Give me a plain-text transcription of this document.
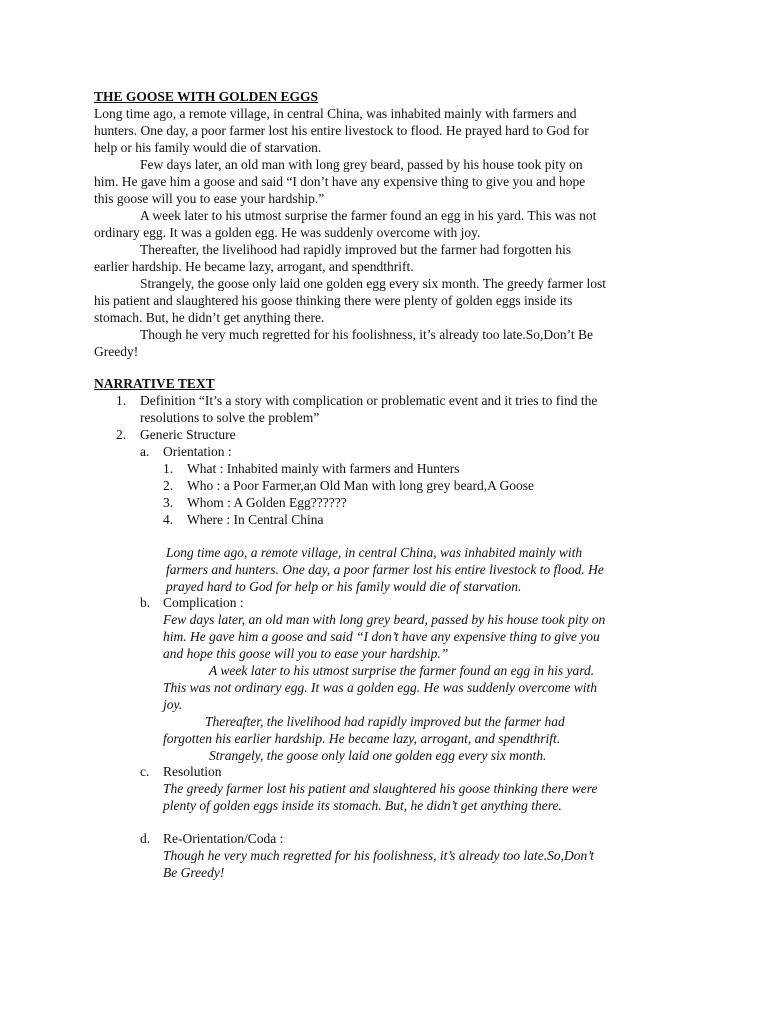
THE GOOSE WITH GOLDEN EGGS
Long time ago, a remote village, in central China, was inhabited mainly with farmers and
hunters. One day, a poor farmer lost his entire livestock to flood. He prayed hard to God for
help or his family would die of starvation.
Few days later, an old man with long grey beard, passed by his house took pity on
him. He gave him a goose and said “I don’t have any expensive thing to give you and hope
this goose will you to ease your hardship.”
A week later to his utmost surprise the farmer found an egg in his yard. This was not
ordinary egg. It was a golden egg. He was suddenly overcome with joy.
Thereafter, the livelihood had rapidly improved but the farmer had forgotten his
earlier hardship. He became lazy, arrogant, and spendthrift.
Strangely, the goose only laid one golden egg every six month. The greedy farmer lost
his patient and slaughtered his goose thinking there were plenty of golden eggs inside its
stomach. But, he didn’t get anything there.
Though he very much regretted for his foolishness, it’s already too late.So,Don’t Be
Greedy!
NARRATIVE TEXT
1. Definition “It’s a story with complication or problematic event and it tries to find the
resolutions to solve the problem”
2. Generic Structure
a. Orientation :
1. What : Inhabited mainly with farmers and Hunters
2. Who : a Poor Farmer,an Old Man with long grey beard,A Goose
3. Whom : A Golden Egg??????
4. Where : In Central China
Long time ago, a remote village, in central China, was inhabited mainly with
farmers and hunters. One day, a poor farmer lost his entire livestock to flood. He
prayed hard to God for help or his family would die of starvation.
b. Complication :
Few days later, an old man with long grey beard, passed by his house took pity on
him. He gave him a goose and said “I don’t have any expensive thing to give you
and hope this goose will you to ease your hardship.”
A week later to his utmost surprise the farmer found an egg in his yard.
This was not ordinary egg. It was a golden egg. He was suddenly overcome with
joy.
Thereafter, the livelihood had rapidly improved but the farmer had
forgotten his earlier hardship. He became lazy, arrogant, and spendthrift.
Strangely, the goose only laid one golden egg every six month.
c. Resolution
The greedy farmer lost his patient and slaughtered his goose thinking there were
plenty of golden eggs inside its stomach. But, he didn’t get anything there.
d. Re-Orientation/Coda :
Though he very much regretted for his foolishness, it’s already too late.So,Don’t
Be Greedy!
